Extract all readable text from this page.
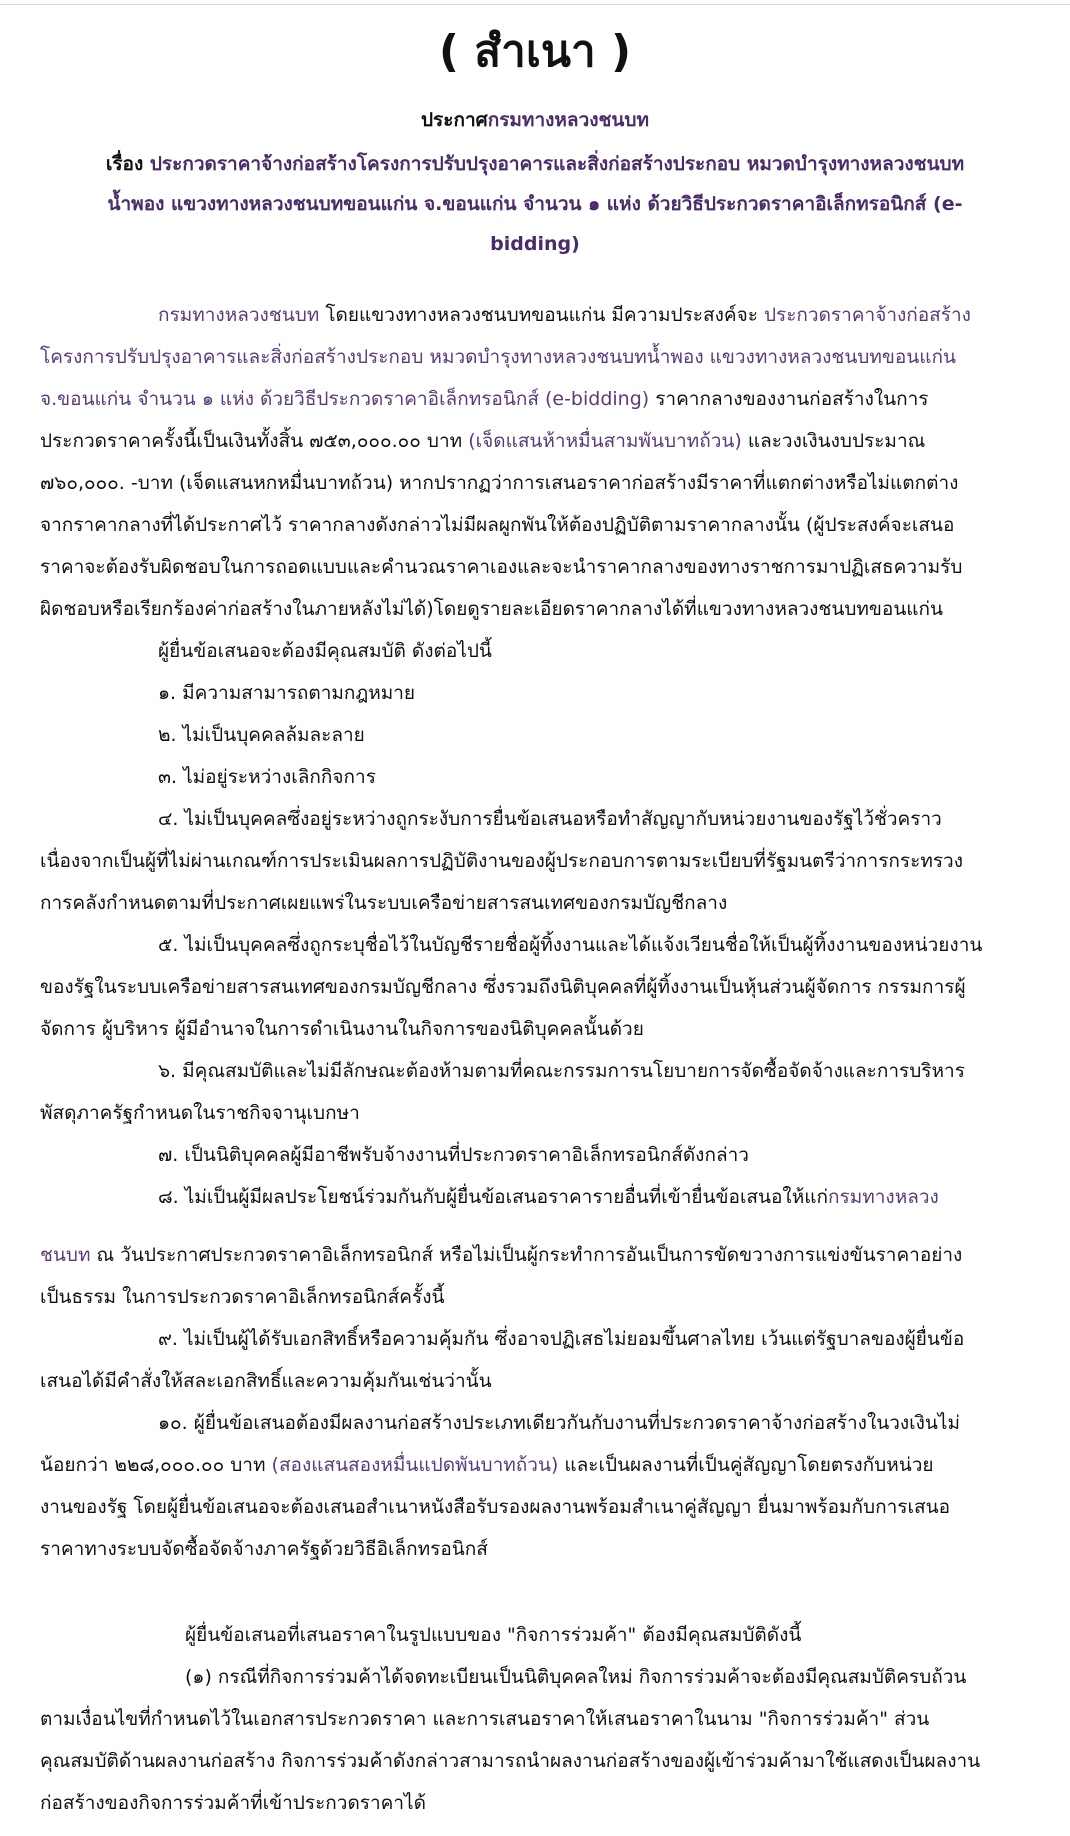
( สำเนา )
ประกาศกรมทางหลวงชนบท
เรื่อง ประกวดราคาจ้างก่อสร้างโครงการปรับปรุงอาคารและสิ่งก่อสร้างประกอบ หมวดบำรุงทางหลวงชนบท
น้ำพอง แขวงทางหลวงชนบทขอนแก่น จ.ขอนแก่น จำนวน ๑ แห่ง ด้วยวิธีประกวดราคาอิเล็กทรอนิกส์ (e-
bidding)
กรมทางหลวงชนบท โดยแขวงทางหลวงชนบทขอนแก่น มีความประสงค์จะ ประกวดราคาจ้างก่อสร้าง
โครงการปรับปรุงอาคารและสิ่งก่อสร้างประกอบ หมวดบำรุงทางหลวงชนบทน้ำพอง แขวงทางหลวงชนบทขอนแก่น
จ.ขอนแก่น จำนวน ๑ แห่ง ด้วยวิธีประกวดราคาอิเล็กทรอนิกส์ (e-bidding) ราคากลางของงานก่อสร้างในการ
ประกวดราคาครั้งนี้เป็นเงินทั้งสิ้น ๗๕๓,๐๐๐.๐๐ บาท (เจ็ดแสนห้าหมื่นสามพันบาทถ้วน) และวงเงินงบประมาณ
๗๖๐,๐๐๐. -บาท (เจ็ดแสนหกหมื่นบาทถ้วน) หากปรากฏว่าการเสนอราคาก่อสร้างมีราคาที่แตกต่างหรือไม่แตกต่าง
จากราคากลางที่ได้ประกาศไว้ ราคากลางดังกล่าวไม่มีผลผูกพันให้ต้องปฏิบัติตามราคากลางนั้น (ผู้ประสงค์จะเสนอ
ราคาจะต้องรับผิดชอบในการถอดแบบและคำนวณราคาเองและจะนำราคากลางของทางราชการมาปฏิเสธความรับ
ผิดชอบหรือเรียกร้องค่าก่อสร้างในภายหลังไม่ได้)โดยดูรายละเอียดราคากลางได้ที่แขวงทางหลวงชนบทขอนแก่น
ผู้ยื่นข้อเสนอจะต้องมีคุณสมบัติ ดังต่อไปนี้
๑. มีความสามารถตามกฎหมาย
๒. ไม่เป็นบุคคลล้มละลาย
๓. ไม่อยู่ระหว่างเลิกกิจการ
๔. ไม่เป็นบุคคลซึ่งอยู่ระหว่างถูกระงับการยื่นข้อเสนอหรือทำสัญญากับหน่วยงานของรัฐไว้ชั่วคราว
เนื่องจากเป็นผู้ที่ไม่ผ่านเกณฑ์การประเมินผลการปฏิบัติงานของผู้ประกอบการตามระเบียบที่รัฐมนตรีว่าการกระทรวง
การคลังกำหนดตามที่ประกาศเผยแพร่ในระบบเครือข่ายสารสนเทศของกรมบัญชีกลาง
๕. ไม่เป็นบุคคลซึ่งถูกระบุชื่อไว้ในบัญชีรายชื่อผู้ทิ้งงานและได้แจ้งเวียนชื่อให้เป็นผู้ทิ้งงานของหน่วยงาน
ของรัฐในระบบเครือข่ายสารสนเทศของกรมบัญชีกลาง ซึ่งรวมถึงนิติบุคคลที่ผู้ทิ้งงานเป็นหุ้นส่วนผู้จัดการ กรรมการผู้
จัดการ ผู้บริหาร ผู้มีอำนาจในการดำเนินงานในกิจการของนิติบุคคลนั้นด้วย
๖. มีคุณสมบัติและไม่มีลักษณะต้องห้ามตามที่คณะกรรมการนโยบายการจัดซื้อจัดจ้างและการบริหาร
พัสดุภาครัฐกำหนดในราชกิจจานุเบกษา
๗. เป็นนิติบุคคลผู้มีอาชีพรับจ้างงานที่ประกวดราคาอิเล็กทรอนิกส์ดังกล่าว
๘. ไม่เป็นผู้มีผลประโยชน์ร่วมกันกับผู้ยื่นข้อเสนอราคารายอื่นที่เข้ายื่นข้อเสนอให้แก่กรมทางหลวง
ชนบท ณ วันประกาศประกวดราคาอิเล็กทรอนิกส์ หรือไม่เป็นผู้กระทำการอันเป็นการขัดขวางการแข่งขันราคาอย่าง
เป็นธรรม ในการประกวดราคาอิเล็กทรอนิกส์ครั้งนี้
๙. ไม่เป็นผู้ได้รับเอกสิทธิ์หรือความคุ้มกัน ซึ่งอาจปฏิเสธไม่ยอมขึ้นศาลไทย เว้นแต่รัฐบาลของผู้ยื่นข้อ
เสนอได้มีคำสั่งให้สละเอกสิทธิ์และความคุ้มกันเช่นว่านั้น
๑๐. ผู้ยื่นข้อเสนอต้องมีผลงานก่อสร้างประเภทเดียวกันกับงานที่ประกวดราคาจ้างก่อสร้างในวงเงินไม่
น้อยกว่า ๒๒๘,๐๐๐.๐๐ บาท (สองแสนสองหมื่นแปดพันบาทถ้วน) และเป็นผลงานที่เป็นคู่สัญญาโดยตรงกับหน่วย
งานของรัฐ โดยผู้ยื่นข้อเสนอจะต้องเสนอสำเนาหนังสือรับรองผลงานพร้อมสำเนาคู่สัญญา ยื่นมาพร้อมกับการเสนอ
ราคาทางระบบจัดซื้อจัดจ้างภาครัฐด้วยวิธีอิเล็กทรอนิกส์
ผู้ยื่นข้อเสนอที่เสนอราคาในรูปแบบของ "กิจการร่วมค้า" ต้องมีคุณสมบัติดังนี้
(๑) กรณีที่กิจการร่วมค้าได้จดทะเบียนเป็นนิติบุคคลใหม่ กิจการร่วมค้าจะต้องมีคุณสมบัติครบถ้วน
ตามเงื่อนไขที่กำหนดไว้ในเอกสารประกวดราคา และการเสนอราคาให้เสนอราคาในนาม "กิจการร่วมค้า" ส่วน
คุณสมบัติด้านผลงานก่อสร้าง กิจการร่วมค้าดังกล่าวสามารถนำผลงานก่อสร้างของผู้เข้าร่วมค้ามาใช้แสดงเป็นผลงาน
ก่อสร้างของกิจการร่วมค้าที่เข้าประกวดราคาได้
